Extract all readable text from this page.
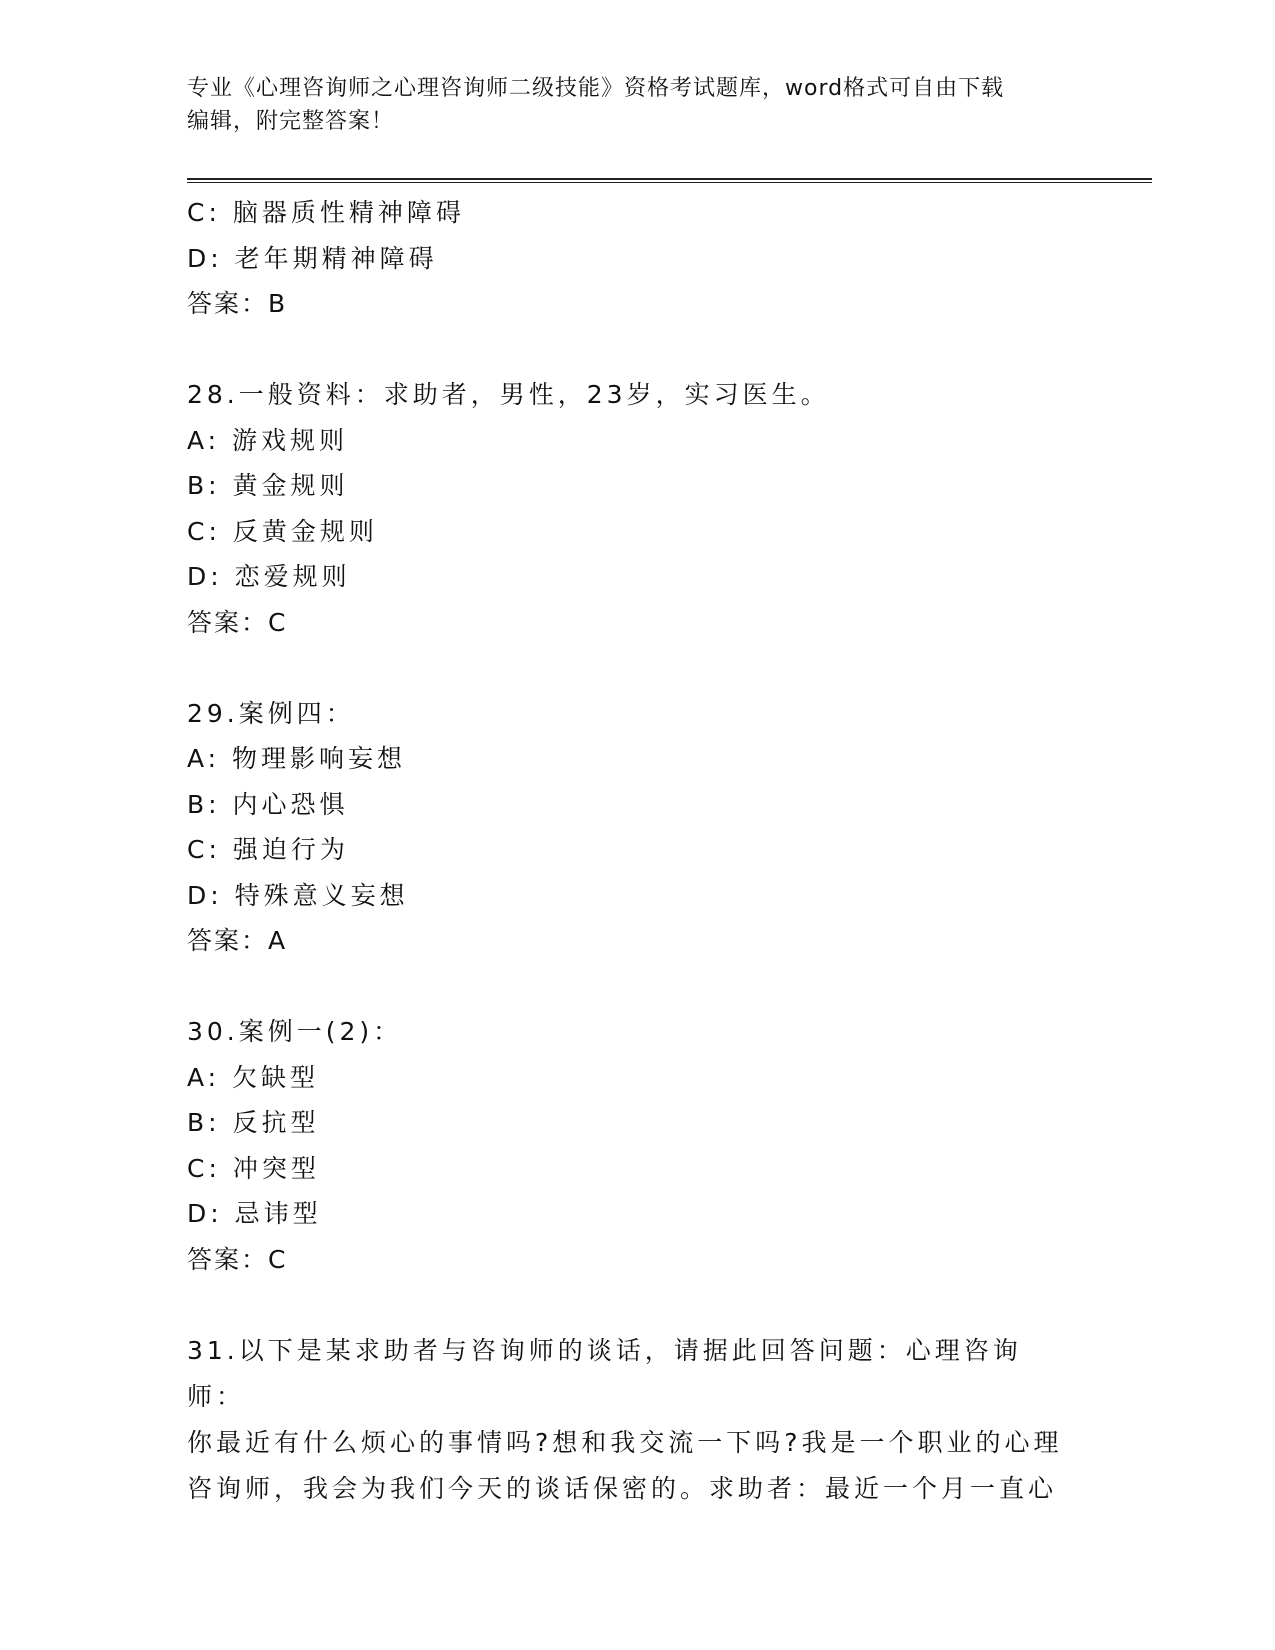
专业《心理咨询师之心理咨询师二级技能》资格考试题库，word格式可自由下载
编辑，附完整答案！
C: 脑器质性精神障碍
D: 老年期精神障碍
答案：B
28.一般资料：求助者，男性，23岁，实习医生。
A: 游戏规则
B: 黄金规则
C: 反黄金规则
D: 恋爱规则
答案：C
29.案例四：
A: 物理影响妄想
B: 内心恐惧
C: 强迫行为
D: 特殊意义妄想
答案：A
30.案例一(2)：
A: 欠缺型
B: 反抗型
C: 冲突型
D: 忌讳型
答案：C
31.以下是某求助者与咨询师的谈话，请据此回答问题：心理咨询师：
你最近有什么烦心的事情吗?想和我交流一下吗?我是一个职业的心理
咨询师，我会为我们今天的谈话保密的。求助者：最近一个月一直心
